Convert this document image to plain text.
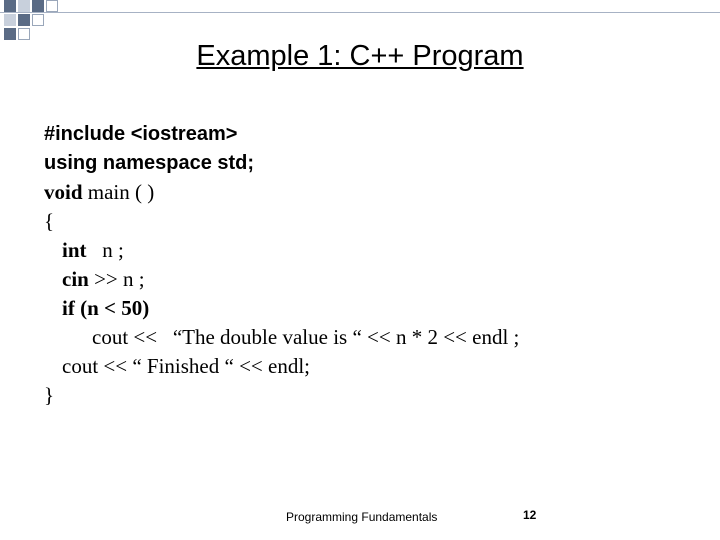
Example 1: C++ Program
#include <iostream>
using namespace std;
void main ( )
{
int   n ;
cin >> n ;
if (n < 50)
cout <<   “The double value is “ << n * 2 << endl ;
cout << “ Finished “ << endl;
}
Programming Fundamentals	12
